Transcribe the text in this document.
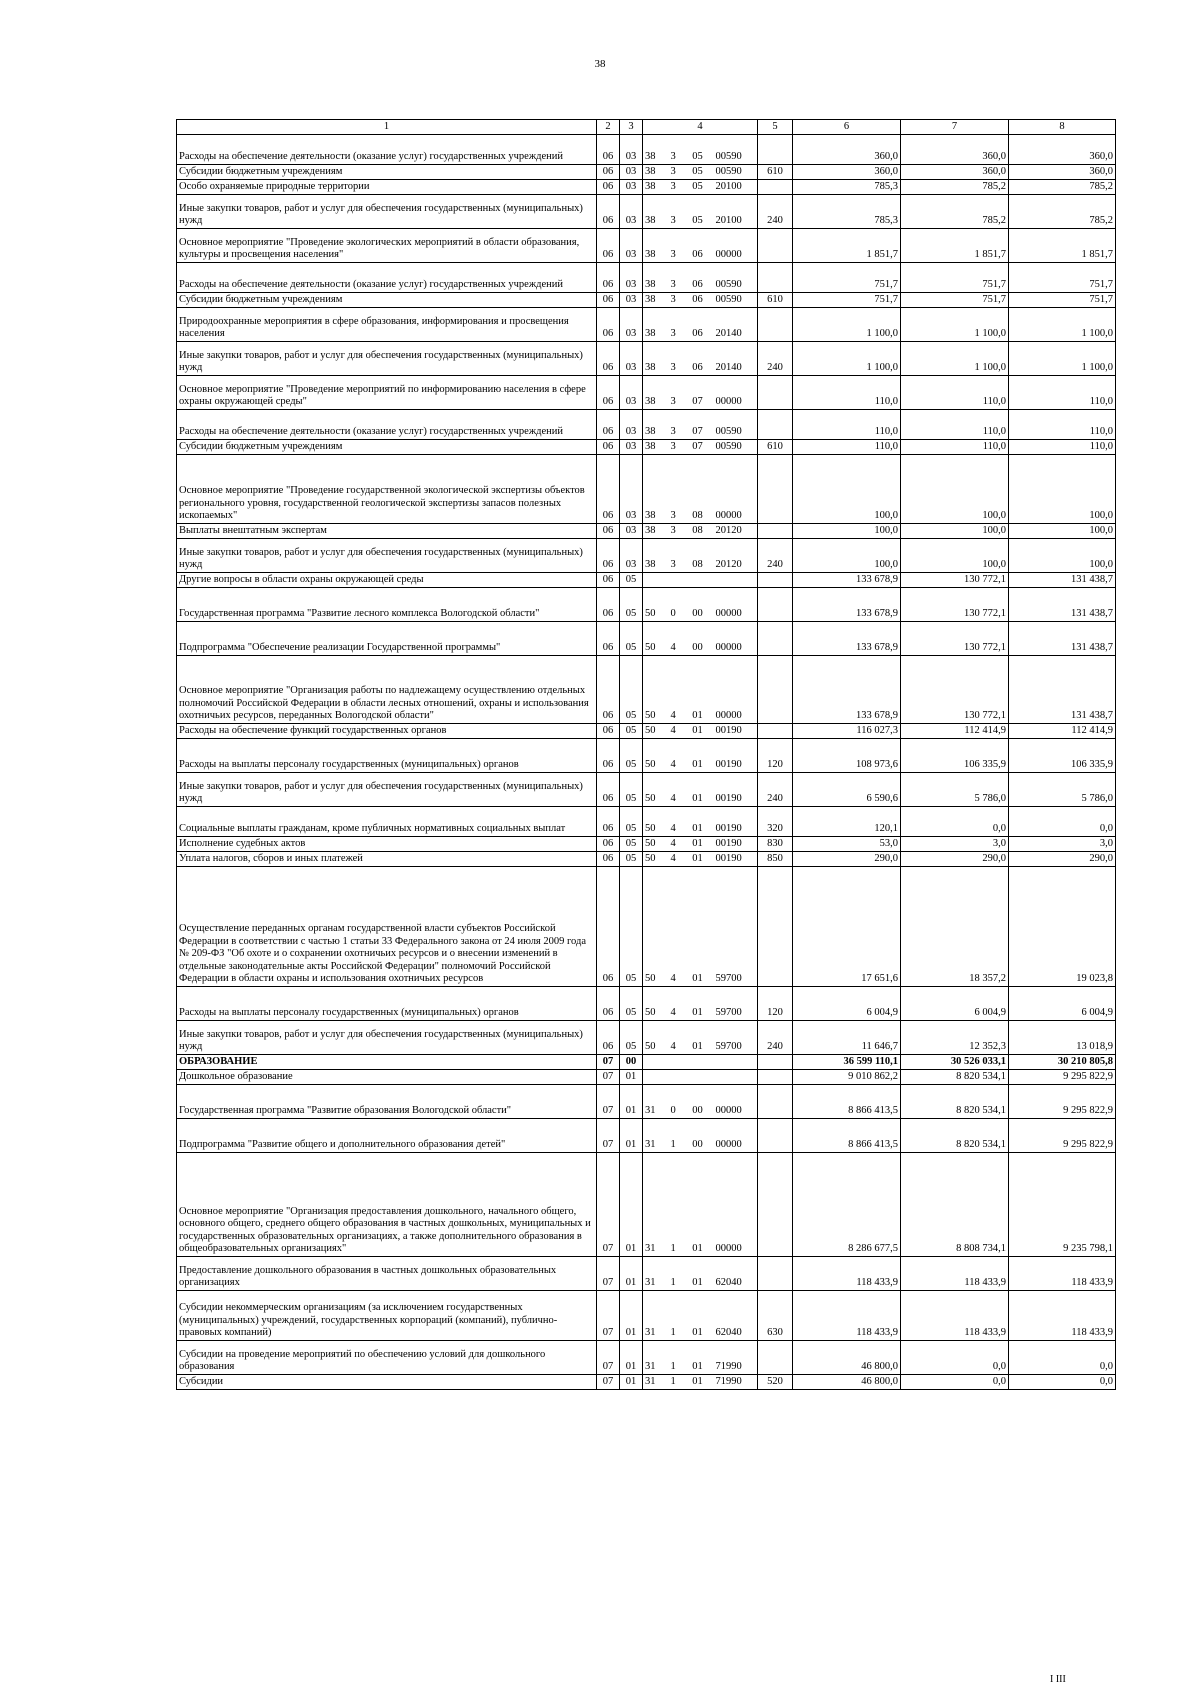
38
1	2	3	4				5	6	7	8
Расходы на обеспечение деятельности (оказание услуг) государственных учреждений	06	03	38	3	05	00590		360,0	360,0	360,0
Субсидии бюджетным учреждениям	06	03	38	3	05	00590	610	360,0	360,0	360,0
Особо охраняемые природные территории	06	03	38	3	05	20100		785,3	785,2	785,2
Иные закупки товаров, работ и услуг для обеспечения государственных (муниципальных) нужд	06	03	38	3	05	20100	240	785,3	785,2	785,2
Основное мероприятие "Проведение экологических мероприятий в области образования, культуры и просвещения населения"	06	03	38	3	06	00000		1 851,7	1 851,7	1 851,7
Расходы на обеспечение деятельности (оказание услуг) государственных учреждений	06	03	38	3	06	00590		751,7	751,7	751,7
Субсидии бюджетным учреждениям	06	03	38	3	06	00590	610	751,7	751,7	751,7
Природоохранные мероприятия в сфере образования, информирования и просвещения населения	06	03	38	3	06	20140		1 100,0	1 100,0	1 100,0
Иные закупки товаров, работ и услуг для обеспечения государственных (муниципальных) нужд	06	03	38	3	06	20140	240	1 100,0	1 100,0	1 100,0
Основное мероприятие "Проведение мероприятий по информированию населения в сфере охраны окружающей среды"	06	03	38	3	07	00000		110,0	110,0	110,0
Расходы на обеспечение деятельности (оказание услуг) государственных учреждений	06	03	38	3	07	00590		110,0	110,0	110,0
Субсидии бюджетным учреждениям	06	03	38	3	07	00590	610	110,0	110,0	110,0
Основное мероприятие "Проведение государственной экологической экспертизы объектов регионального уровня, государственной геологической экспертизы запасов полезных ископаемых"	06	03	38	3	08	00000		100,0	100,0	100,0
Выплаты внештатным экспертам	06	03	38	3	08	20120		100,0	100,0	100,0
Иные закупки товаров, работ и услуг для обеспечения государственных (муниципальных) нужд	06	03	38	3	08	20120	240	100,0	100,0	100,0
Другие вопросы в области охраны окружающей среды	06	05						133 678,9	130 772,1	131 438,7
Государственная программа "Развитие лесного комплекса Вологодской области"	06	05	50	0	00	00000		133 678,9	130 772,1	131 438,7
Подпрограмма "Обеспечение реализации Государственной программы"	06	05	50	4	00	00000		133 678,9	130 772,1	131 438,7
Основное мероприятие "Организация работы по надлежащему осуществлению отдельных полномочий Российской Федерации в области лесных отношений, охраны и использования охотничьих ресурсов, переданных Вологодской области"	06	05	50	4	01	00000		133 678,9	130 772,1	131 438,7
Расходы на обеспечение функций государственных органов	06	05	50	4	01	00190		116 027,3	112 414,9	112 414,9
Расходы на выплаты персоналу государственных (муниципальных) органов	06	05	50	4	01	00190	120	108 973,6	106 335,9	106 335,9
Иные закупки товаров, работ и услуг для обеспечения государственных (муниципальных) нужд	06	05	50	4	01	00190	240	6 590,6	5 786,0	5 786,0
Социальные выплаты гражданам, кроме публичных нормативных социальных выплат	06	05	50	4	01	00190	320	120,1	0,0	0,0
Исполнение судебных актов	06	05	50	4	01	00190	830	53,0	3,0	3,0
Уплата налогов, сборов и иных платежей	06	05	50	4	01	00190	850	290,0	290,0	290,0
Осуществление переданных органам государственной власти субъектов Российской Федерации в соответствии с частью 1 статьи 33 Федерального закона от 24 июля 2009 года № 209-ФЗ "Об охоте и о сохранении охотничьих ресурсов и о внесении изменений в отдельные законодательные акты Российской Федерации" полномочий Российской Федерации в области охраны и использования охотничьих ресурсов	06	05	50	4	01	59700		17 651,6	18 357,2	19 023,8
Расходы на выплаты персоналу государственных (муниципальных) органов	06	05	50	4	01	59700	120	6 004,9	6 004,9	6 004,9
Иные закупки товаров, работ и услуг для обеспечения государственных (муниципальных) нужд	06	05	50	4	01	59700	240	11 646,7	12 352,3	13 018,9
ОБРАЗОВАНИЕ	07	00						36 599 110,1	30 526 033,1	30 210 805,8
Дошкольное образование	07	01						9 010 862,2	8 820 534,1	9 295 822,9
Государственная программа "Развитие образования Вологодской области"	07	01	31	0	00	00000		8 866 413,5	8 820 534,1	9 295 822,9
Подпрограмма "Развитие общего и дополнительного образования детей"	07	01	31	1	00	00000		8 866 413,5	8 820 534,1	9 295 822,9
Основное мероприятие "Организация предоставления дошкольного, начального общего, основного общего, среднего общего образования в частных дошкольных, муниципальных и государственных образовательных организациях, а также дополнительного образования в общеобразовательных организациях"	07	01	31	1	01	00000		8 286 677,5	8 808 734,1	9 235 798,1
Предоставление дошкольного образования в частных дошкольных образовательных организациях	07	01	31	1	01	62040		118 433,9	118 433,9	118 433,9
Субсидии некоммерческим организациям (за исключением государственных (муниципальных) учреждений, государственных корпораций (компаний), публично-правовых компаний)	07	01	31	1	01	62040	630	118 433,9	118 433,9	118 433,9
Субсидии на проведение мероприятий по обеспечению условий для дошкольного образования	07	01	31	1	01	71990		46 800,0	0,0	0,0
Субсидии	07	01	31	1	01	71990	520	46 800,0	0,0	0,0
I III
